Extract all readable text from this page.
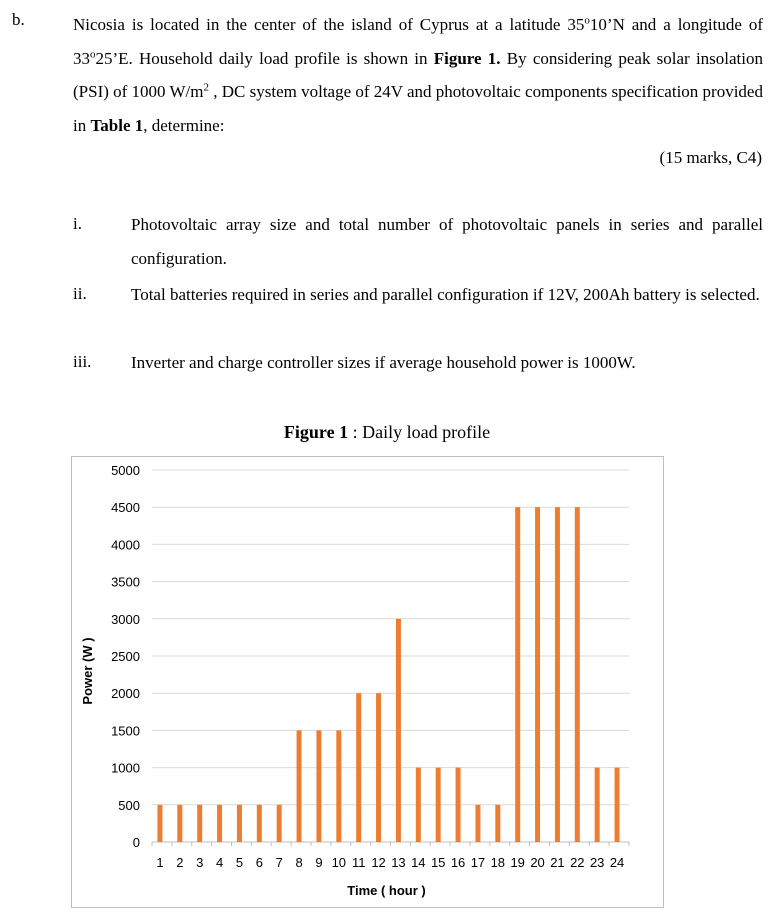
b.	Nicosia is located in the center of the island of Cyprus at a latitude 35$^o$10’N and a longitude of 33$^o$25’E. Household daily load profile is shown in Figure 1. By considering peak solar insolation (PSI) of 1000 $W/m^2$ , DC system voltage of 24V and photovoltaic components specification provided in Table 1, determine:
(15 marks, C4)
i.	Photovoltaic array size and total number of photovoltaic panels in series and parallel configuration.
ii.	Total batteries required in series and parallel configuration if 12V, 200Ah battery is selected.
iii. Inverter and charge controller sizes if average household power is 1000W.
Figure 1 : Daily load profile
0
500
1000
1500
2000
2500
3000
3500
4000
4500
5000
1 2 3 4 5 6 7 8 9 10 11 12 13 14 15 16 17 18 19 20 21 22 23 24
Time ( hour )
Power (W )
